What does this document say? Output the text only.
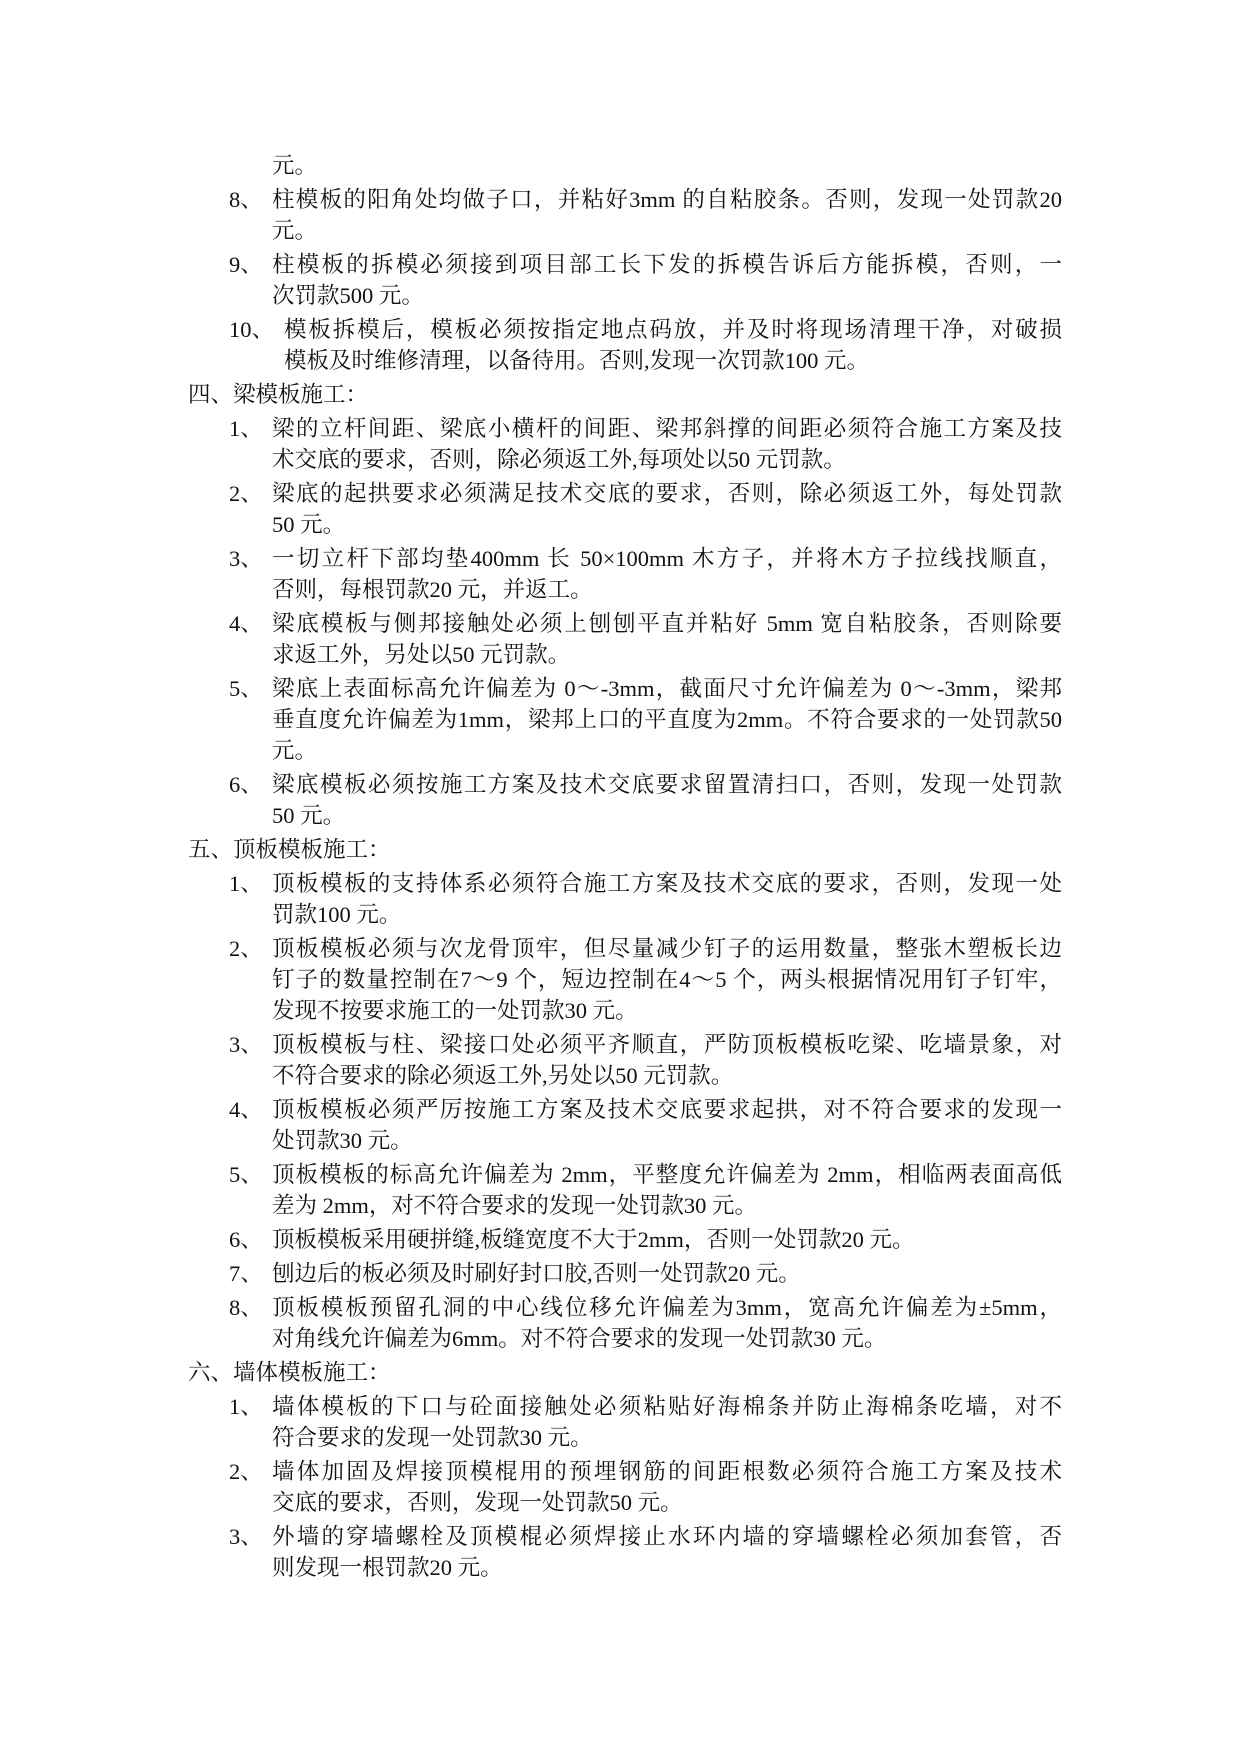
元。
8、 柱模板的阳角处均做子口，并粘好3mm 的自粘胶条。否则，发现一处罚款20
元。
9、 柱模板的拆模必须接到项目部工长下发的拆模告诉后方能拆模，否则，一
次罚款500 元。
10、 模板拆模后，模板必须按指定地点码放，并及时将现场清理干净，对破损
模板及时维修清理，以备待用。否则,发现一次罚款100 元。
四、梁模板施工：
1、 梁的立杆间距、梁底小横杆的间距、梁邦斜撑的间距必须符合施工方案及技
术交底的要求，否则，除必须返工外,每项处以50 元罚款。
2、 梁底的起拱要求必须满足技术交底的要求，否则，除必须返工外，每处罚款
50 元。
3、 一切立杆下部均垫400mm 长 50×100mm 木方子，并将木方子拉线找顺直，
否则，每根罚款20 元，并返工。
4、 梁底模板与侧邦接触处必须上刨刨平直并粘好 5mm 宽自粘胶条，否则除要
求返工外，另处以50 元罚款。
5、 梁底上表面标高允许偏差为 0～-3mm，截面尺寸允许偏差为 0～-3mm，梁邦
垂直度允许偏差为1mm，梁邦上口的平直度为2mm。不符合要求的一处罚款50
元。
6、 梁底模板必须按施工方案及技术交底要求留置清扫口，否则，发现一处罚款
50 元。
五、顶板模板施工：
1、 顶板模板的支持体系必须符合施工方案及技术交底的要求，否则，发现一处
罚款100 元。
2、 顶板模板必须与次龙骨顶牢，但尽量减少钉子的运用数量，整张木塑板长边
钉子的数量控制在7～9 个，短边控制在4～5 个，两头根据情况用钉子钉牢，
发现不按要求施工的一处罚款30 元。
3、 顶板模板与柱、梁接口处必须平齐顺直，严防顶板模板吃梁、吃墙景象，对
不符合要求的除必须返工外,另处以50 元罚款。
4、 顶板模板必须严厉按施工方案及技术交底要求起拱，对不符合要求的发现一
处罚款30 元。
5、 顶板模板的标高允许偏差为 2mm，平整度允许偏差为 2mm，相临两表面高低
差为 2mm，对不符合要求的发现一处罚款30 元。
6、 顶板模板采用硬拼缝,板缝宽度不大于2mm，否则一处罚款20 元。
7、 刨边后的板必须及时刷好封口胶,否则一处罚款20 元。
8、 顶板模板预留孔洞的中心线位移允许偏差为3mm，宽高允许偏差为±5mm，
对角线允许偏差为6mm。对不符合要求的发现一处罚款30 元。
六、墙体模板施工：
1、 墙体模板的下口与砼面接触处必须粘贴好海棉条并防止海棉条吃墙，对不
符合要求的发现一处罚款30 元。
2、 墙体加固及焊接顶模棍用的预埋钢筋的间距根数必须符合施工方案及技术
交底的要求，否则，发现一处罚款50 元。
3、 外墙的穿墙螺栓及顶模棍必须焊接止水环内墙的穿墙螺栓必须加套管，否
则发现一根罚款20 元。
